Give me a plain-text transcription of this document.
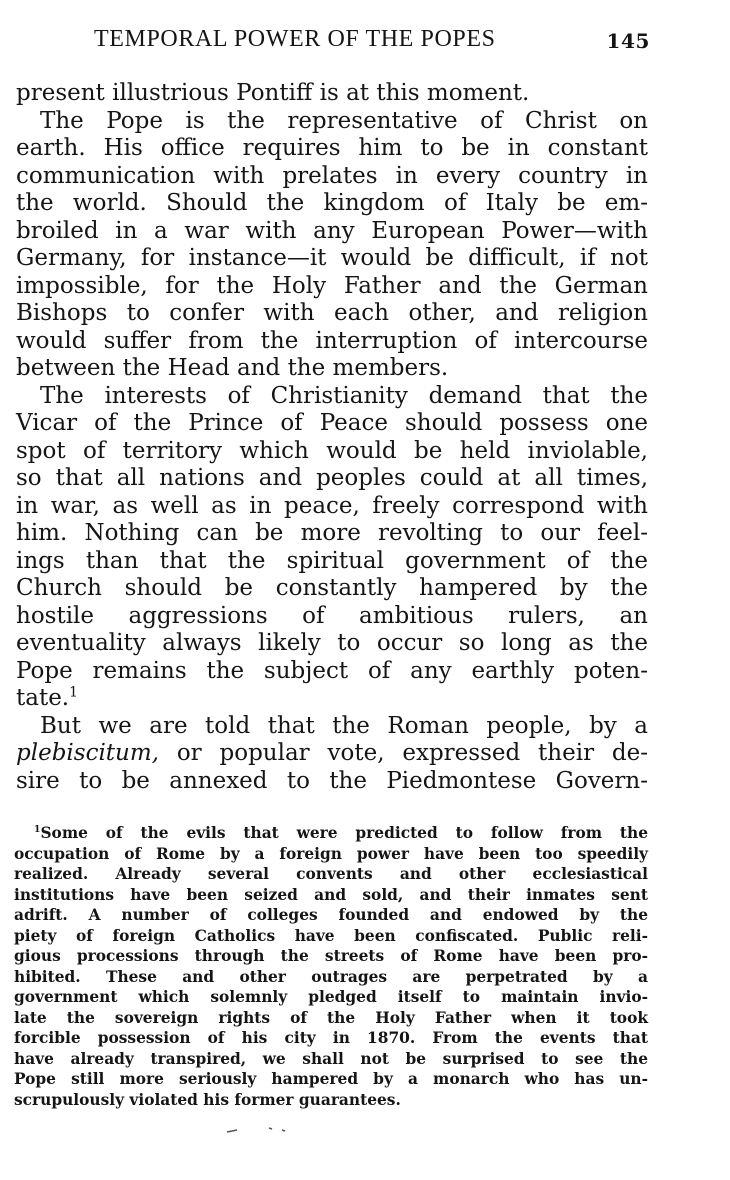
TEMPORAL POWER OF THE POPES	145
present illustrious Pontiff is at this moment.
The Pope is the representative of Christ on
earth. His office requires him to be in constant
communication with prelates in every country in
the world. Should the kingdom of Italy be em-
broiled in a war with any European Power—with
Germany, for instance—it would be difficult, if not
impossible, for the Holy Father and the German
Bishops to confer with each other, and religion
would suffer from the interruption of intercourse
between the Head and the members.
The interests of Christianity demand that the
Vicar of the Prince of Peace should possess one
spot of territory which would be held inviolable,
so that all nations and peoples could at all times,
in war, as well as in peace, freely correspond with
him. Nothing can be more revolting to our feel-
ings than that the spiritual government of the
Church should be constantly hampered by the
hostile aggressions of ambitious rulers, an
eventuality always likely to occur so long as the
Pope remains the subject of any earthly poten-
tate.$^1$
But we are told that the Roman people, by a
plebiscitum, or popular vote, expressed their de-
sire to be annexed to the Piedmontese Govern-
$^1$Some of the evils that were predicted to follow from the
occupation of Rome by a foreign power have been too speedily
realized. Already several convents and other ecclesiastical
institutions have been seized and sold, and their inmates sent
adrift. A number of colleges founded and endowed by the
piety of foreign Catholics have been confiscated. Public reli-
gious processions through the streets of Rome have been pro-
hibited. These and other outrages are perpetrated by a
government which solemnly pledged itself to maintain invio-
late the sovereign rights of the Holy Father when it took
forcible possession of his city in 1870. From the events that
have already transpired, we shall not be surprised to see the
Pope still more seriously hampered by a monarch who has un-
scrupulously violated his former guarantees.
